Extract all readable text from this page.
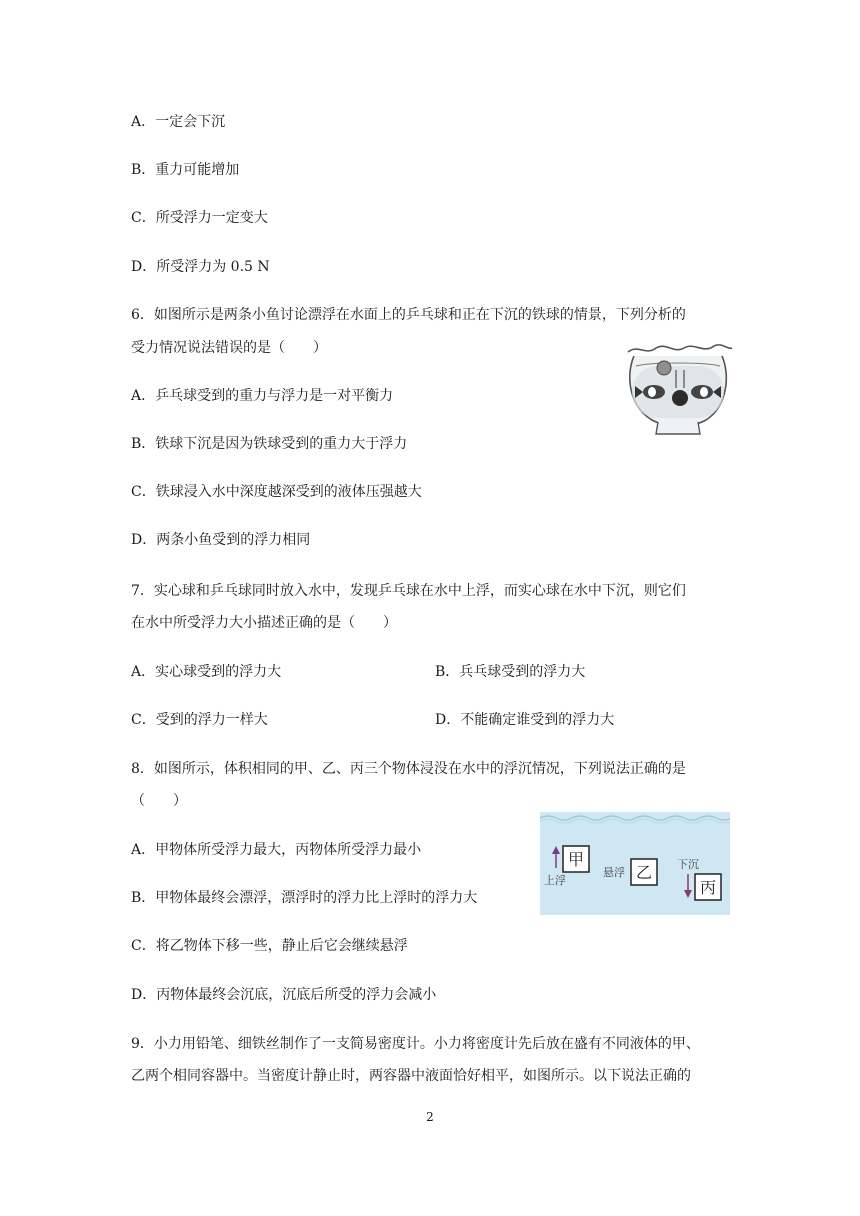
A．一定会下沉
B．重力可能增加
C．所受浮力一定变大
D．所受浮力为 0.5 N
6．如图所示是两条小鱼讨论漂浮在水面上的乒乓球和正在下沉的铁球的情景，下列分析的
受力情况说法错误的是（　　）
A．乒乓球受到的重力与浮力是一对平衡力
B．铁球下沉是因为铁球受到的重力大于浮力
C．铁球浸入水中深度越深受到的液体压强越大
D．两条小鱼受到的浮力相同
7．实心球和乒乓球同时放入水中，发现乒乓球在水中上浮，而实心球在水中下沉，则它们
在水中所受浮力大小描述正确的是（　　）
A．实心球受到的浮力大	B．兵乓球受到的浮力大
C．受到的浮力一样大	D．不能确定谁受到的浮力大
8．如图所示，体积相同的甲、乙、丙三个物体浸没在水中的浮沉情况，下列说法正确的是
（　　）
A．甲物体所受浮力最大，丙物体所受浮力最小
B．甲物体最终会漂浮，漂浮时的浮力比上浮时的浮力大
C．将乙物体下移一些，静止后它会继续悬浮
D．丙物体最终会沉底，沉底后所受的浮力会减小
甲
上浮
悬浮 乙 下沉
丙
9．小力用铅笔、细铁丝制作了一支简易密度计。小力将密度计先后放在盛有不同液体的甲、
乙两个相同容器中。当密度计静止时，两容器中液面恰好相平，如图所示。以下说法正确的
2
